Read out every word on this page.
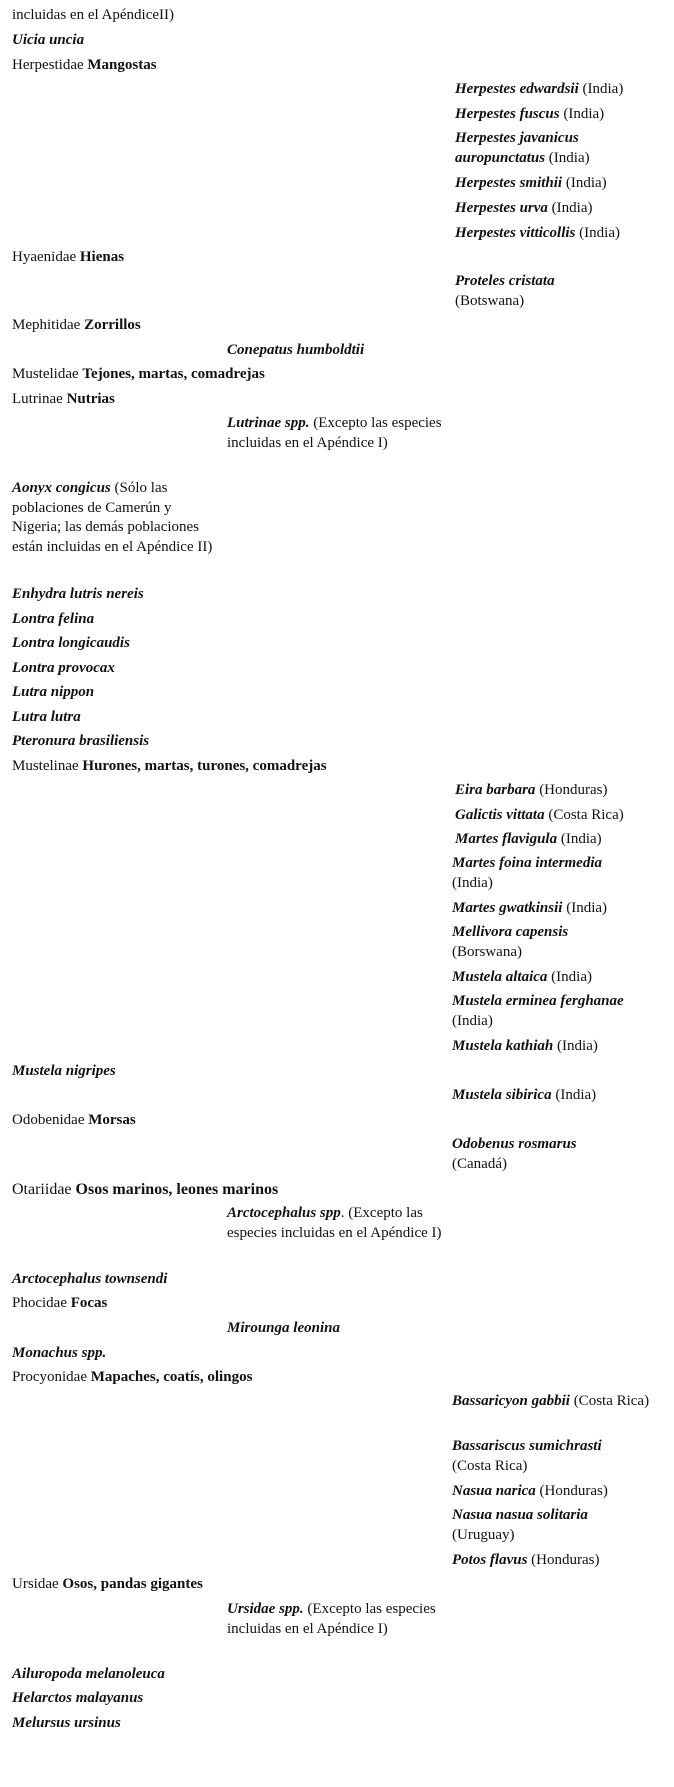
incluidas en el ApéndiceII)
Uicia uncia
Herpestidae Mangostas
Herpestes edwardsii (India)
Herpestes fuscus (India)
Herpestes javanicus
auropunctatus (India)
Herpestes smithii (India)
Herpestes urva (India)
Herpestes vitticollis (India)
Hyaenidae Hienas
Proteles cristata
(Botswana)
Mephitidae Zorrillos
Conepatus humboldtii
Mustelidae Tejones, martas, comadrejas
Lutrinae Nutrias
Lutrinae spp. (Excepto las especies incluidas en el Apéndice I)
Aonyx congicus (Sólo las poblaciones de Camerún y Nigeria; las demás poblaciones están incluidas en el Apéndice II)
Enhydra lutris nereis
Lontra felina
Lontra longicaudis
Lontra provocax
Lutra nippon
Lutra lutra
Pteronura brasiliensis
Mustelinae Hurones, martas, turones, comadrejas
Eira barbara (Honduras)
Galictis vittata (Costa Rica)
Martes flavigula (India)
Martes foina intermedia
(India)
Martes gwatkinsii (India)
Mellivora capensis
(Borswana)
Mustela altaica (India)
Mustela erminea ferghanae
(India)
Mustela kathiah (India)
Mustela nigripes
Mustela sibirica (India)
Odobenidae Morsas
Odobenus rosmarus
(Canadá)
Otariidae Osos marinos, leones marinos
Arctocephalus spp. (Excepto las especies incluidas en el Apéndice I)
Arctocephalus townsendi
Phocidae Focas
Mirounga leonina
Monachus spp.
Procyonidae Mapaches, coatís, olingos
Bassaricyon gabbii (Costa Rica)
Bassariscus sumichrasti
(Costa Rica)
Nasua narica (Honduras)
Nasua nasua solitaria
(Uruguay)
Potos flavus (Honduras)
Ursidae Osos, pandas gigantes
Ursidae spp. (Excepto las especies incluidas en el Apéndice I)
Ailuropoda melanoleuca
Helarctos malayanus
Melursus ursinus
